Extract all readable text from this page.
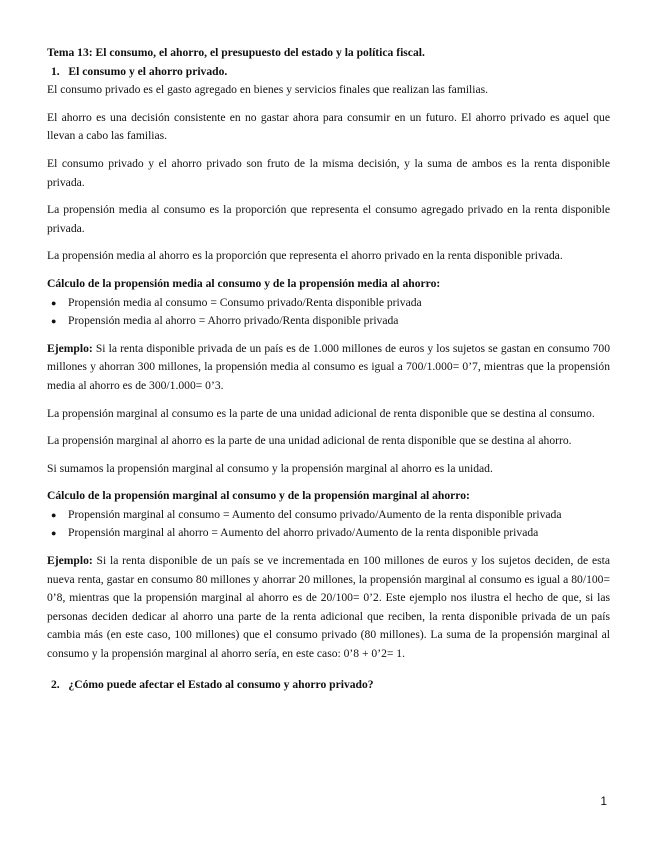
Tema 13: El consumo, el ahorro, el presupuesto del estado y la política fiscal.

1. El consumo y el ahorro privado.

El consumo privado es el gasto agregado en bienes y servicios finales que realizan las familias.

El ahorro es una decisión consistente en no gastar ahora para consumir en un futuro. El ahorro privado es aquel que llevan a cabo las familias.

El consumo privado y el ahorro privado son fruto de la misma decisión, y la suma de ambos es la renta disponible privada.

La propensión media al consumo es la proporción que representa el consumo agregado privado en la renta disponible privada.

La propensión media al ahorro es la proporción que representa el ahorro privado en la renta disponible privada.

Cálculo de la propensión media al consumo y de la propensión media al ahorro:

● Propensión media al consumo = Consumo privado/Renta disponible privada
● Propensión media al ahorro = Ahorro privado/Renta disponible privada

Ejemplo: Si la renta disponible privada de un país es de 1.000 millones de euros y los sujetos se gastan en consumo 700 millones y ahorran 300 millones, la propensión media al consumo es igual a 700/1.000= 0’7, mientras que la propensión media al ahorro es de 300/1.000= 0’3.

La propensión marginal al consumo es la parte de una unidad adicional de renta disponible que se destina al consumo.

La propensión marginal al ahorro es la parte de una unidad adicional de renta disponible que se destina al ahorro.

Si sumamos la propensión marginal al consumo y la propensión marginal al ahorro es la unidad.

Cálculo de la propensión marginal al consumo y de la propensión marginal al ahorro:

● Propensión marginal al consumo = Aumento del consumo privado/Aumento de la renta disponible privada
● Propensión marginal al ahorro = Aumento del ahorro privado/Aumento de la renta disponible privada

Ejemplo: Si la renta disponible de un país se ve incrementada en 100 millones de euros y los sujetos deciden, de esta nueva renta, gastar en consumo 80 millones y ahorrar 20 millones, la propensión marginal al consumo es igual a 80/100= 0’8, mientras que la propensión marginal al ahorro es de 20/100= 0’2. Este ejemplo nos ilustra el hecho de que, si las personas deciden dedicar al ahorro una parte de la renta adicional que reciben, la renta disponible privada de un país cambia más (en este caso, 100 millones) que el consumo privado (80 millones). La suma de la propensión marginal al consumo y la propensión marginal al ahorro sería, en este caso: 0’8 + 0’2= 1.

2. ¿Cómo puede afectar el Estado al consumo y ahorro privado?

1
